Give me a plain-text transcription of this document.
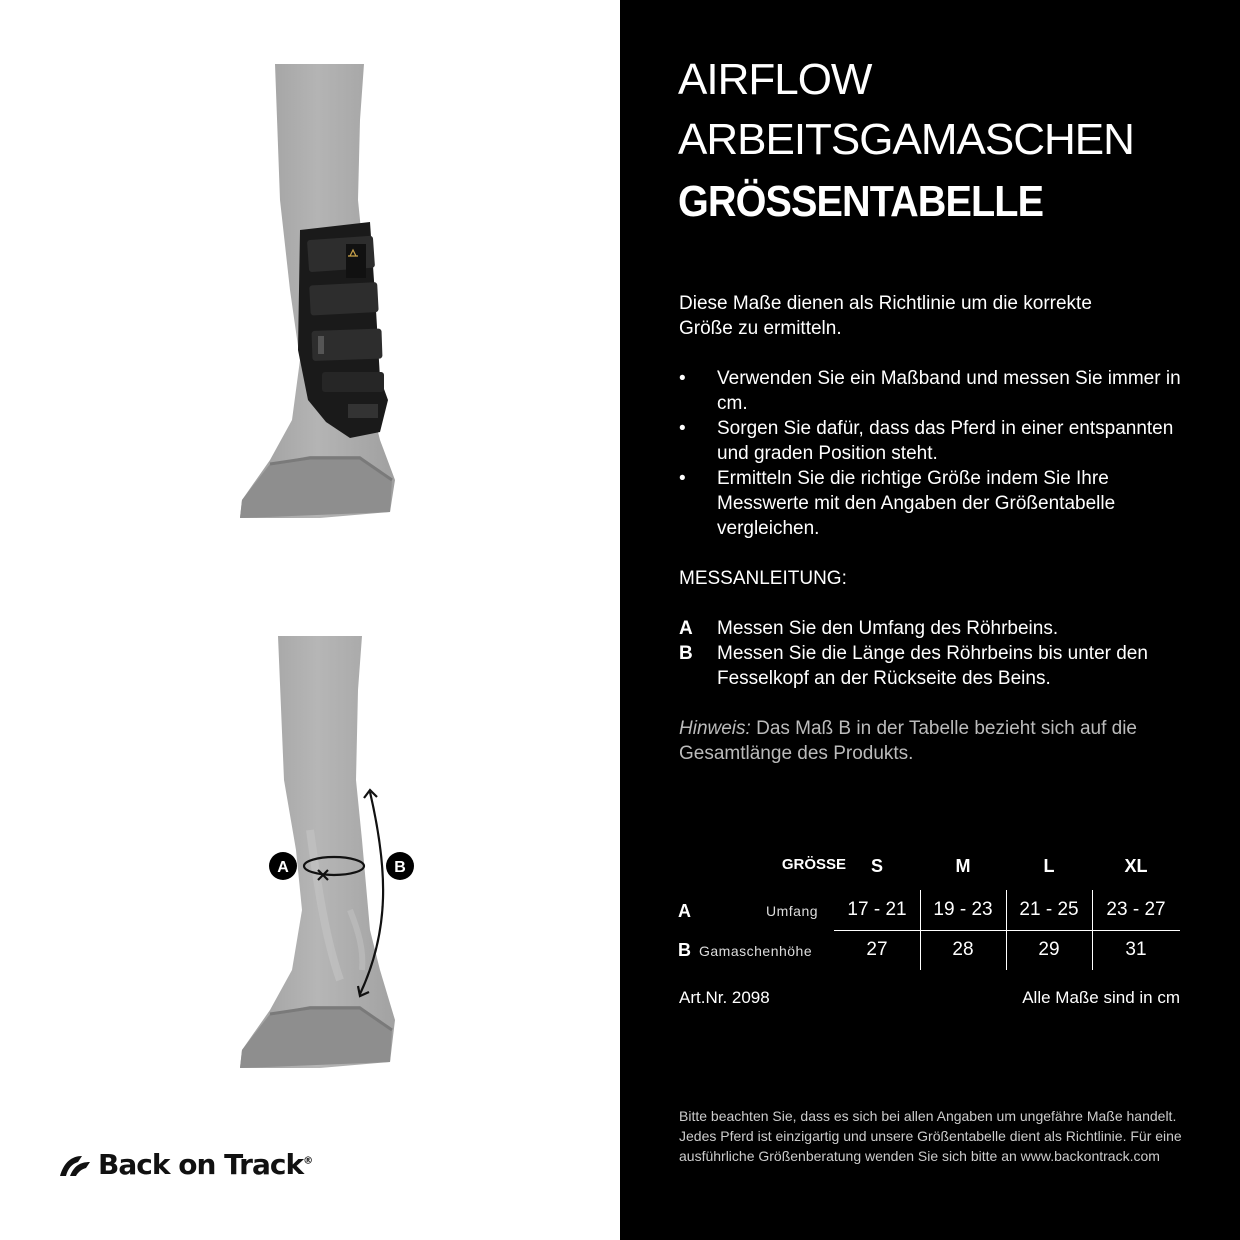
A	B
Back on Track®
AIRFLOW
ARBEITSGAMASCHEN
GRÖSSENTABELLE
Diese Maße dienen als Richtlinie um die korrekte Größe zu ermitteln.
• Verwenden Sie ein Maßband und messen Sie immer in cm.
• Sorgen Sie dafür, dass das Pferd in einer entspannten und graden Position steht.
• Ermitteln Sie die richtige Größe indem Sie Ihre Messwerte mit den Angaben der Größentabelle vergleichen.
MESSANLEITUNG:
A Messen Sie den Umfang des Röhrbeins.
B Messen Sie die Länge des Röhrbeins bis unter den Fesselkopf an der Rückseite des Beins.
Hinweis: Das Maß B in der Tabelle bezieht sich auf die Gesamtlänge des Produkts.
GRÖSSE	S	M	L	XL
A	Umfang	17 - 21	19 - 23	21 - 25	23 - 27
B Gamaschenhöhe	27	28	29	31
Art.Nr. 2098	Alle Maße sind in cm
Bitte beachten Sie, dass es sich bei allen Angaben um ungefähre Maße handelt. Jedes Pferd ist einzigartig und unsere Größentabelle dient als Richtlinie. Für eine ausführliche Größenberatung wenden Sie sich bitte an www.backontrack.com
